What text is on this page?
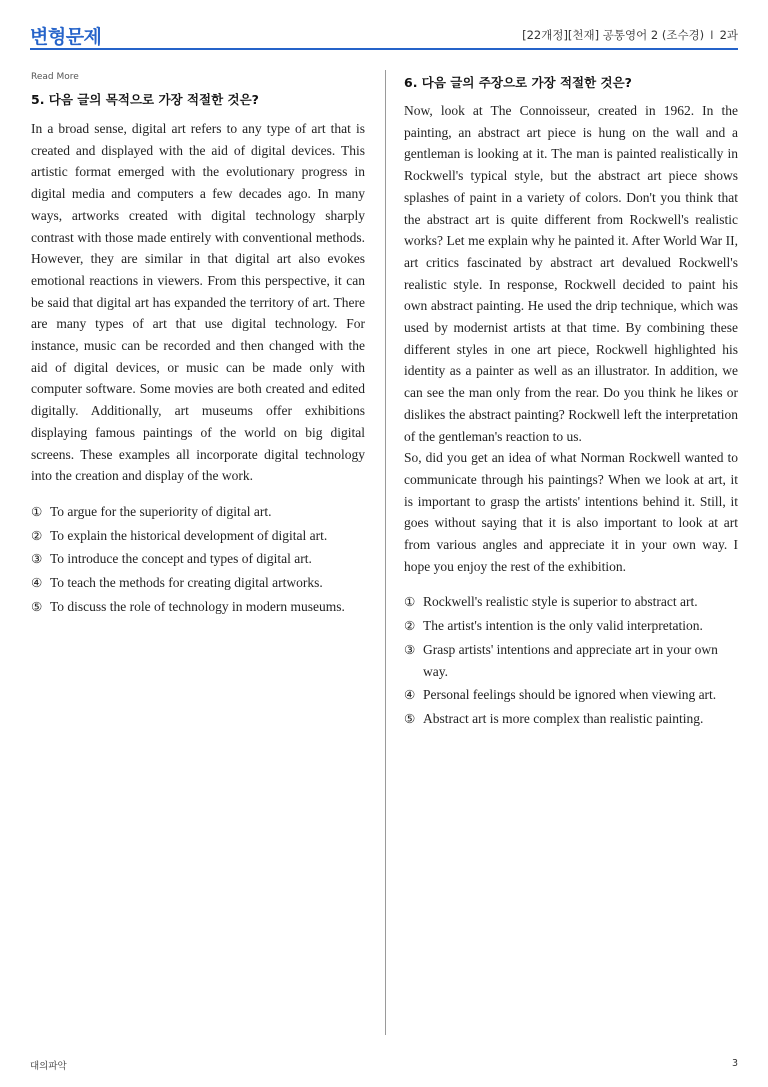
변형문제	[22개정][천재] 공통영어 2 (조수경) I 2과
Read More
5. 다음 글의 목적으로 가장 적절한 것은?

In a broad sense, digital art refers to any type of art that is created and displayed with the aid of digital devices. This artistic format emerged with the evolutionary progress in digital media and computers a few decades ago. In many ways, artworks created with digital technology sharply contrast with those made entirely with conventional methods. However, they are similar in that digital art also evokes emotional reactions in viewers. From this perspective, it can be said that digital art has expanded the territory of art. There are many types of art that use digital technology. For instance, music can be recorded and then changed with the aid of digital devices, or music can be made only with computer software. Some movies are both created and edited digitally. Additionally, art museums offer exhibitions displaying famous paintings of the world on big digital screens. These examples all incorporate digital technology into the creation and display of the work.

① To argue for the superiority of digital art.
② To explain the historical development of digital art.
③ To introduce the concept and types of digital art.
④ To teach the methods for creating digital artworks.
⑤ To discuss the role of technology in modern museums.
6. 다음 글의 주장으로 가장 적절한 것은?

Now, look at The Connoisseur, created in 1962. In the painting, an abstract art piece is hung on the wall and a gentleman is looking at it. The man is painted realistically in Rockwell's typical style, but the abstract art piece shows splashes of paint in a variety of colors. Don't you think that the abstract art is quite different from Rockwell's realistic works? Let me explain why he painted it. After World War II, art critics fascinated by abstract art devalued Rockwell's realistic style. In response, Rockwell decided to paint his own abstract painting. He used the drip technique, which was used by modernist artists at that time. By combining these different styles in one art piece, Rockwell highlighted his identity as a painter as well as an illustrator. In addition, we can see the man only from the rear. Do you think he likes or dislikes the abstract painting? Rockwell left the interpretation of the gentleman's reaction to us.

So, did you get an idea of what Norman Rockwell wanted to communicate through his paintings? When we look at art, it is important to grasp the artists' intentions behind it. Still, it goes without saying that it is also important to look at art from various angles and appreciate it in your own way. I hope you enjoy the rest of the exhibition.

① Rockwell's realistic style is superior to abstract art.
② The artist's intention is the only valid interpretation.
③ Grasp artists' intentions and appreciate art in your own way.
④ Personal feelings should be ignored when viewing art.
⑤ Abstract art is more complex than realistic painting.
대의파악	3
